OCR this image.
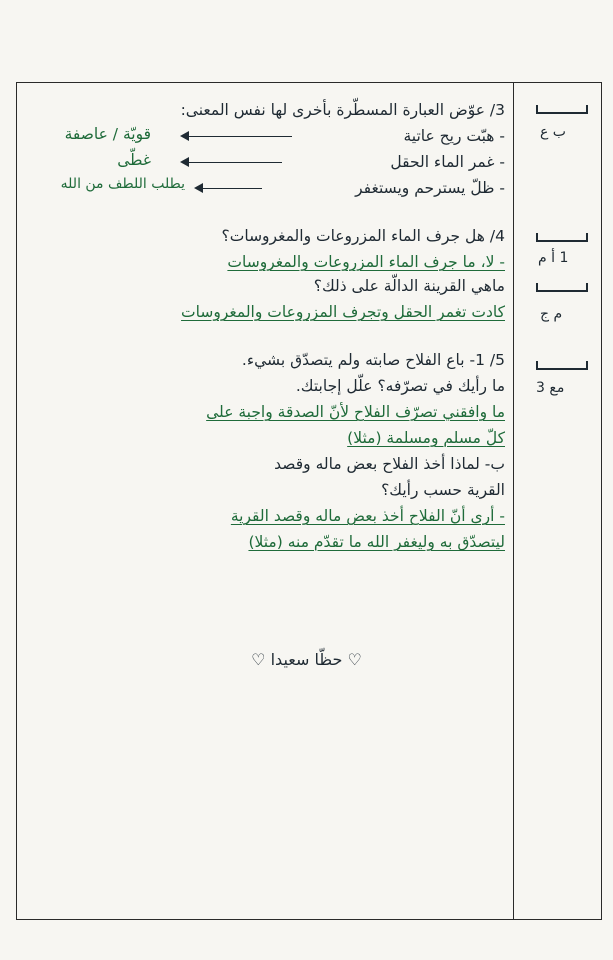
ب ع
3/ عوّض العبارة المسطّرة بأخرى لها نفس المعنى:
- هبّت ريح عاتية
قويّة / عاصفة
- غمر الماء الحقل
غطّى
- ظلّ يسترحم ويستغفر
يطلب اللطف من الله
1 أ م
4/ هل جرف الماء المزروعات والمغروسات؟
- لا، ما جرف الماء المزروعات والمغروسات
م ج
ماهي القرينة الدالّة على ذلك؟
كادت تغمر الحقل وتجرف المزروعات والمغروسات
مع 3
5/ 1- باع الفلاح صابته ولم يتصدّق بشيء.
ما رأيك في تصرّفه؟ علّل إجابتك.
ما وافقني تصرّف الفلاح لأنّ الصدقة واجبة على
كلّ مسلم ومسلمة (مثلا)
ب- لماذا أخذ الفلاح بعض ماله وقصد
القرية حسب رأيك؟
- أرى أنّ الفلاح أخذ بعض ماله وقصد القرية
ليتصدّق به وليغفر الله ما تقدّم منه (مثلا)
♡ حظّا سعيدا ♡
